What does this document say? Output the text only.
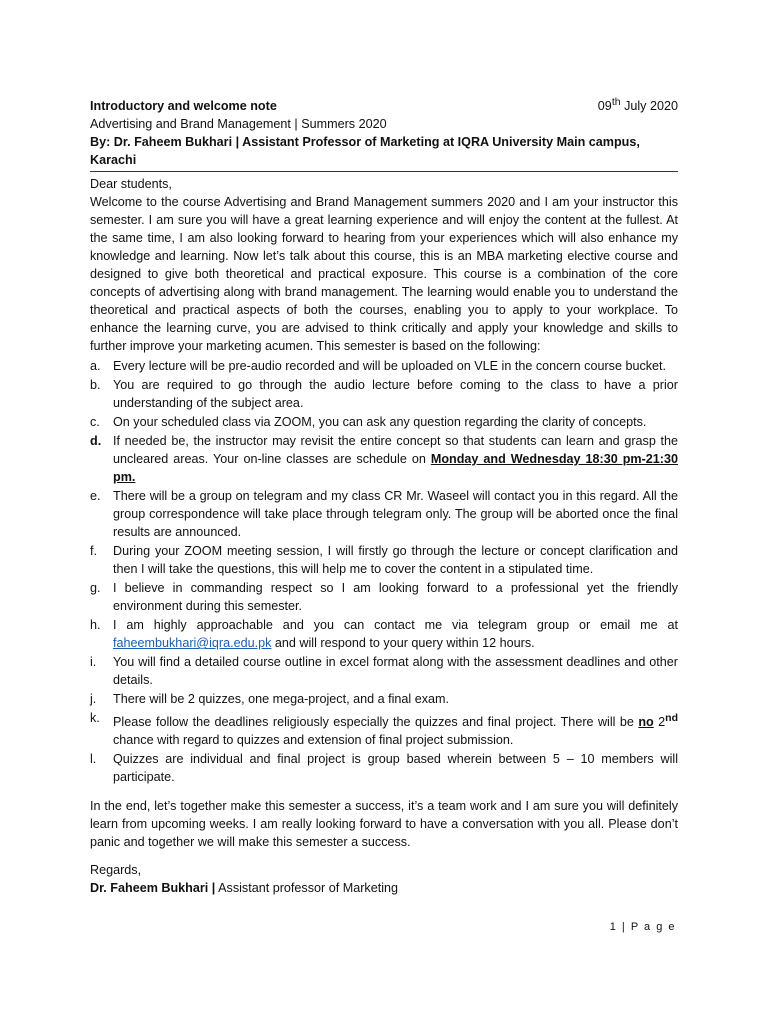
Introductory and welcome note	09th July 2020
Advertising and Brand Management | Summers 2020
By: Dr. Faheem Bukhari | Assistant Professor of Marketing at IQRA University Main campus, Karachi
Dear students,
Welcome to the course Advertising and Brand Management summers 2020 and I am your instructor this semester. I am sure you will have a great learning experience and will enjoy the content at the fullest. At the same time, I am also looking forward to hearing from your experiences which will also enhance my knowledge and learning. Now let’s talk about this course, this is an MBA marketing elective course and designed to give both theoretical and practical exposure. This course is a combination of the core concepts of advertising along with brand management. The learning would enable you to understand the theoretical and practical aspects of both the courses, enabling you to apply to your workplace. To enhance the learning curve, you are advised to think critically and apply your knowledge and skills to further improve your marketing acumen. This semester is based on the following:
a. Every lecture will be pre-audio recorded and will be uploaded on VLE in the concern course bucket.
b. You are required to go through the audio lecture before coming to the class to have a prior understanding of the subject area.
c. On your scheduled class via ZOOM, you can ask any question regarding the clarity of concepts.
d. If needed be, the instructor may revisit the entire concept so that students can learn and grasp the uncleared areas. Your on-line classes are schedule on Monday and Wednesday 18:30 pm-21:30 pm.
e. There will be a group on telegram and my class CR Mr. Waseel will contact you in this regard. All the group correspondence will take place through telegram only. The group will be aborted once the final results are announced.
f. During your ZOOM meeting session, I will firstly go through the lecture or concept clarification and then I will take the questions, this will help me to cover the content in a stipulated time.
g. I believe in commanding respect so I am looking forward to a professional yet the friendly environment during this semester.
h. I am highly approachable and you can contact me via telegram group or email me at faheembukhari@iqra.edu.pk and will respond to your query within 12 hours.
i. You will find a detailed course outline in excel format along with the assessment deadlines and other details.
j. There will be 2 quizzes, one mega-project, and a final exam.
k. Please follow the deadlines religiously especially the quizzes and final project. There will be no 2nd chance with regard to quizzes and extension of final project submission.
l. Quizzes are individual and final project is group based wherein between 5 – 10 members will participate.
In the end, let’s together make this semester a success, it’s a team work and I am sure you will definitely learn from upcoming weeks. I am really looking forward to have a conversation with you all. Please don’t panic and together we will make this semester a success.
Regards,
Dr. Faheem Bukhari | Assistant professor of Marketing
1 | P a g e
